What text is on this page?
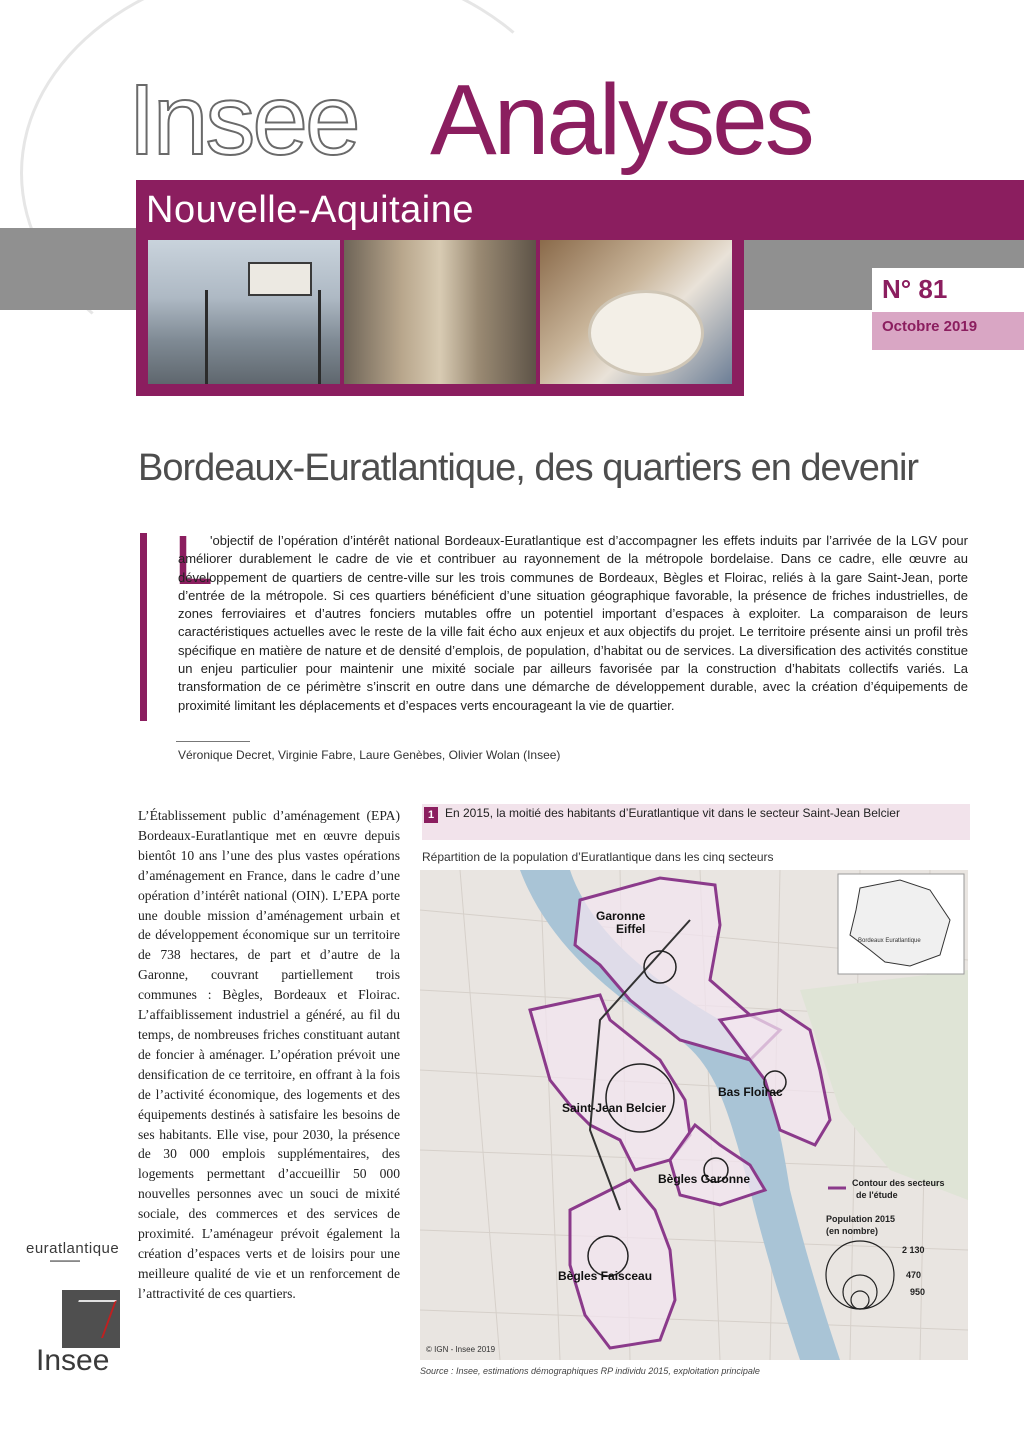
Insee Analyses
Nouvelle-Aquitaine
N° 81
Octobre 2019
Bordeaux-Euratlantique, des quartiers en devenir
L
'objectif de l’opération d’intérêt national Bordeaux-Euratlantique est d’accompagner les effets induits par l’arrivée de la LGV pour améliorer durablement le cadre de vie et contribuer au rayonnement de la métropole bordelaise. Dans ce cadre, elle œuvre au développement de quartiers de centre-ville sur les trois communes de Bordeaux, Bègles et Floirac, reliés à la gare Saint-Jean, porte d’entrée de la métropole. Si ces quartiers bénéficient d’une situation géographique favorable, la présence de friches industrielles, de zones ferroviaires et d’autres fonciers mutables offre un potentiel important d’espaces à exploiter. La comparaison de leurs caractéristiques actuelles avec le reste de la ville fait écho aux enjeux et aux objectifs du projet. Le territoire présente ainsi un profil très spécifique en matière de nature et de densité d’emplois, de population, d’habitat ou de services. La diversification des activités constitue un enjeu particulier pour maintenir une mixité sociale par ailleurs favorisée par la construction d’habitats collectifs variés. La transformation de ce périmètre s’inscrit en outre dans une démarche de développement durable, avec la création d’équipements de proximité limitant les déplacements et d’espaces verts encourageant la vie de quartier.
Véronique Decret, Virginie Fabre, Laure Genèbes, Olivier Wolan (Insee)
L’Établissement public d’aménagement (EPA) Bordeaux-Euratlantique met en œuvre depuis bientôt 10 ans l’une des plus vastes opérations d’aménagement en France, dans le cadre d’une opération d’intérêt national (OIN). L’EPA porte une double mission d’aménagement urbain et de développement économique sur un territoire de 738 hectares, de part et d’autre de la Garonne, couvrant partiellement trois communes : Bègles, Bordeaux et Floirac. L’affaiblissement industriel a généré, au fil du temps, de nombreuses friches constituant autant de foncier à aménager. L’opération prévoit une densification de ce territoire, en offrant à la fois de l’activité économique, des logements et des équipements destinés à satisfaire les besoins de ses habitants. Elle vise, pour 2030, la présence de 30 000 emplois supplémentaires, des logements permettant d’accueillir 50 000 nouvelles personnes avec un souci de mixité sociale, des commerces et des services de proximité. L’aménageur prévoit également la création d’espaces verts et de loisirs pour une meilleure qualité de vie et un renforcement de l’attractivité de ces quartiers.
euratlantique
▬▬▬▬▬
Insee
1 En 2015, la moitié des habitants d’Euratlantique vit dans le secteur Saint-Jean Belcier
Répartition de la population d’Euratlantique dans les cinq secteurs
Garonne
Eiffel
Bas Floirac
Saint-Jean Belcier
Bègles Garonne
Bègles Faisceau
Bordeaux Euratlantique
Contour des secteurs
de l'étude
Population 2015
(en nombre)
2 130
470
950
© IGN - Insee 2019
Source : Insee, estimations démographiques RP individu 2015, exploitation principale
